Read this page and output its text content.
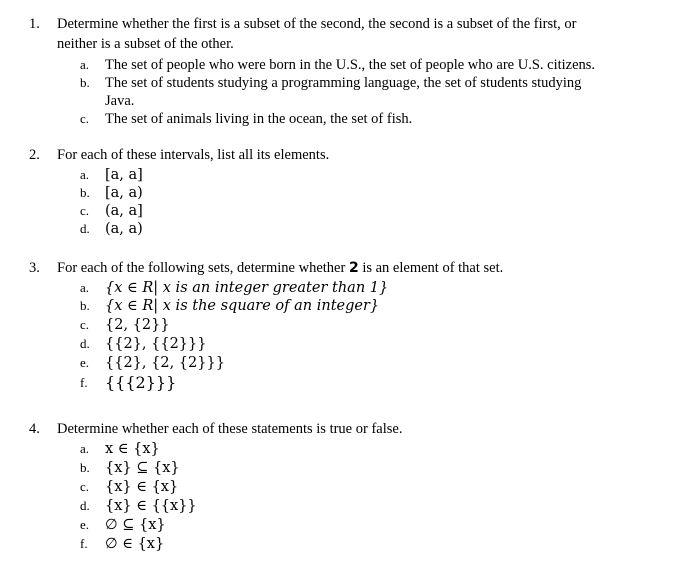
1. Determine whether the first is a subset of the second, the second is a subset of the first, or
neither is a subset of the other.
a.	The set of people who were born in the U.S., the set of people who are U.S. citizens.
b.	The set of students studying a programming language, the set of students studying
Java.
c.	The set of animals living in the ocean, the set of fish.
2. For each of these intervals, list all its elements.
a.	[a, a]
b.	[a, a)
c.	(a, a]
d.	(a, a)
3. For each of the following sets, determine whether 2 is an element of that set.
a.	{x ∈ R| x is an integer greater than 1}
b.	{x ∈ R| x is the square of an integer}
c.	{2, {2}}
d.	{{2}, {{2}}}
e.	{{2}, {2, {2}}}
f.	{{{2}}}
4. Determine whether each of these statements is true or false.
a.	x ∈ {x}
b.	{x} ⊆ {x}
c.	{x} ∈ {x}
d.	{x} ∈ {{x}}
e.	∅ ⊆ {x}
f.	∅ ∈ {x}
